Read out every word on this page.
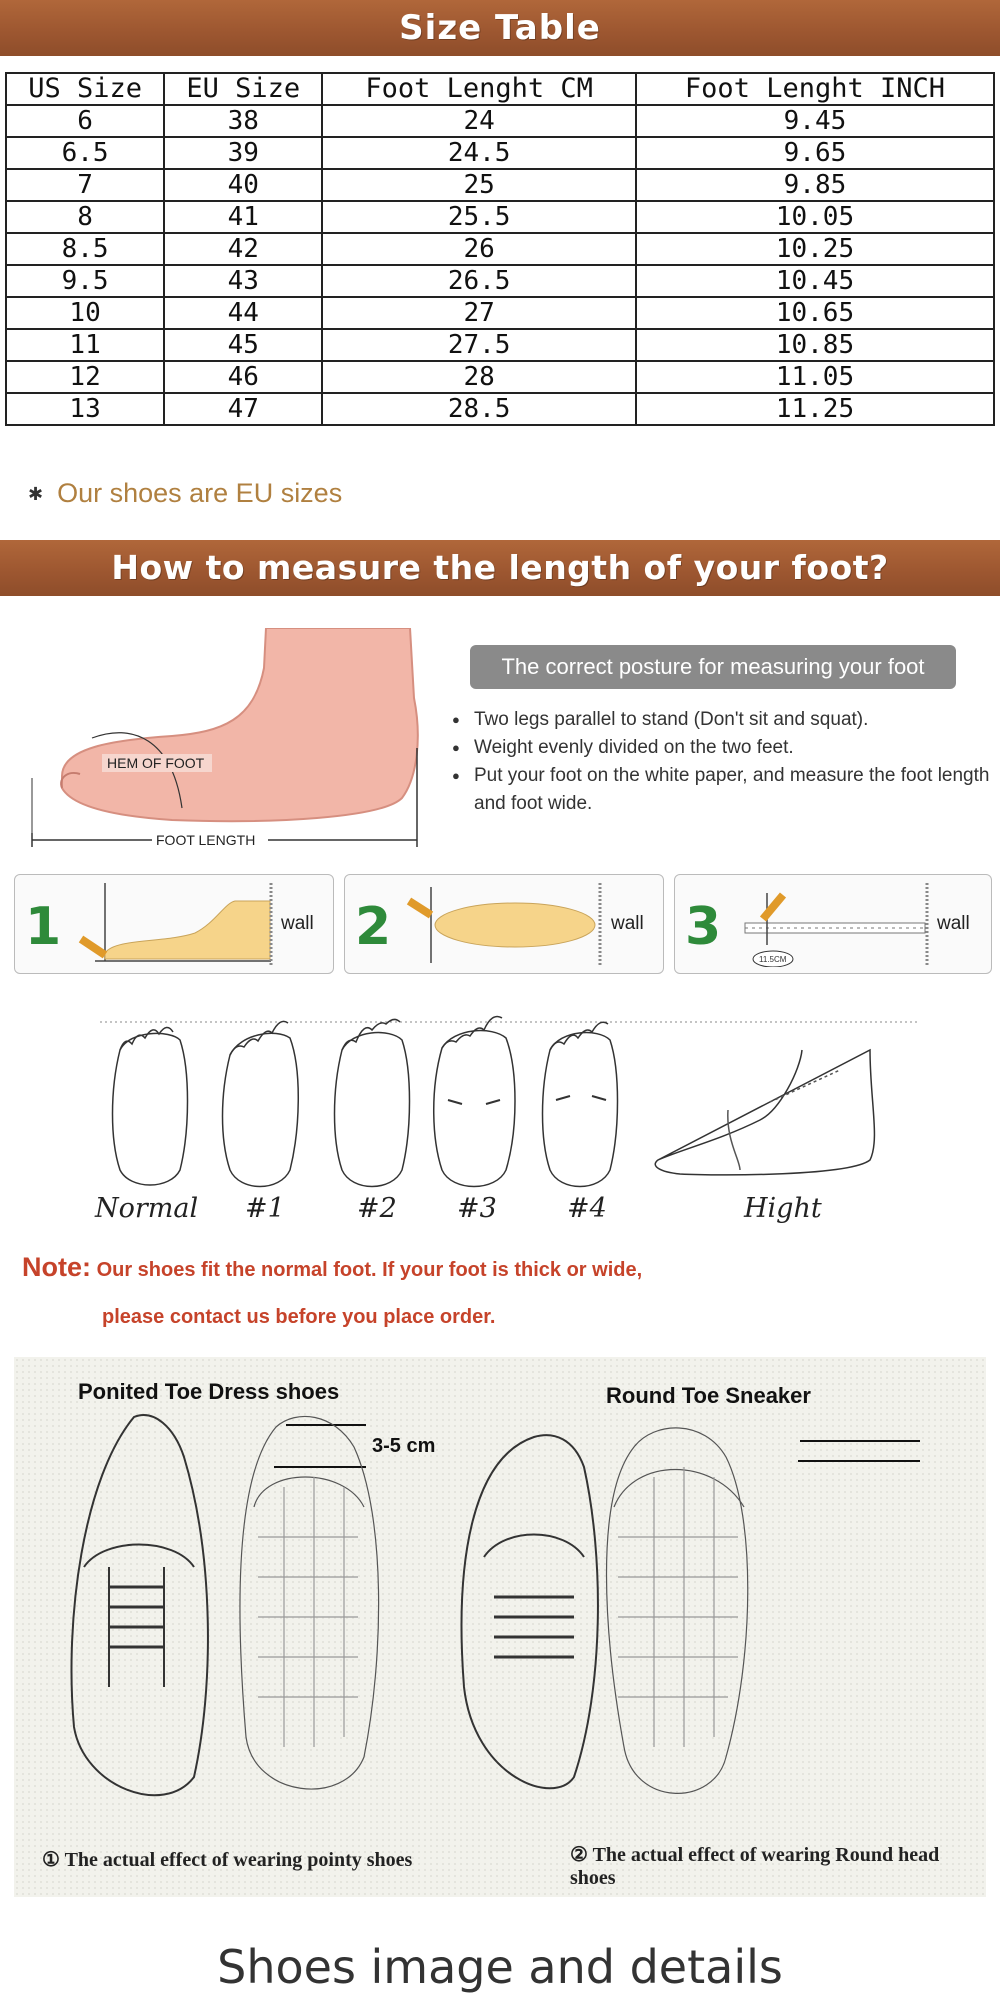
Size Table
US Size	EU Size	Foot Lenght CM	Foot Lenght INCH
6	38	24	9.45
6.5	39	24.5	9.65
7	40	25	9.85
8	41	25.5	10.05
8.5	42	26	10.25
9.5	43	26.5	10.45
10	44	27	10.65
11	45	27.5	10.85
12	46	28	11.05
13	47	28.5	11.25
✱ Our shoes are EU sizes
How to measure the length of your foot?
HEM OF FOOT
FOOT LENGTH
The correct posture for measuring your foot
● Two legs parallel to stand (Don't sit and squat).
● Weight evenly divided on the two feet.
● Put your foot on the white paper, and measure the foot length and foot wide.
1	wall 2	wall 3
11.5CM
wall
Normal #1	#2 #3	#4	Hight
Note: Our shoes fit the normal foot. If your foot is thick or wide,
please contact us before you place order.
Ponited Toe Dress shoes	Round Toe Sneaker
3-5 cm
① The actual effect of wearing pointy shoes	② The actual effect of wearing Round head shoes
Shoes image and details
